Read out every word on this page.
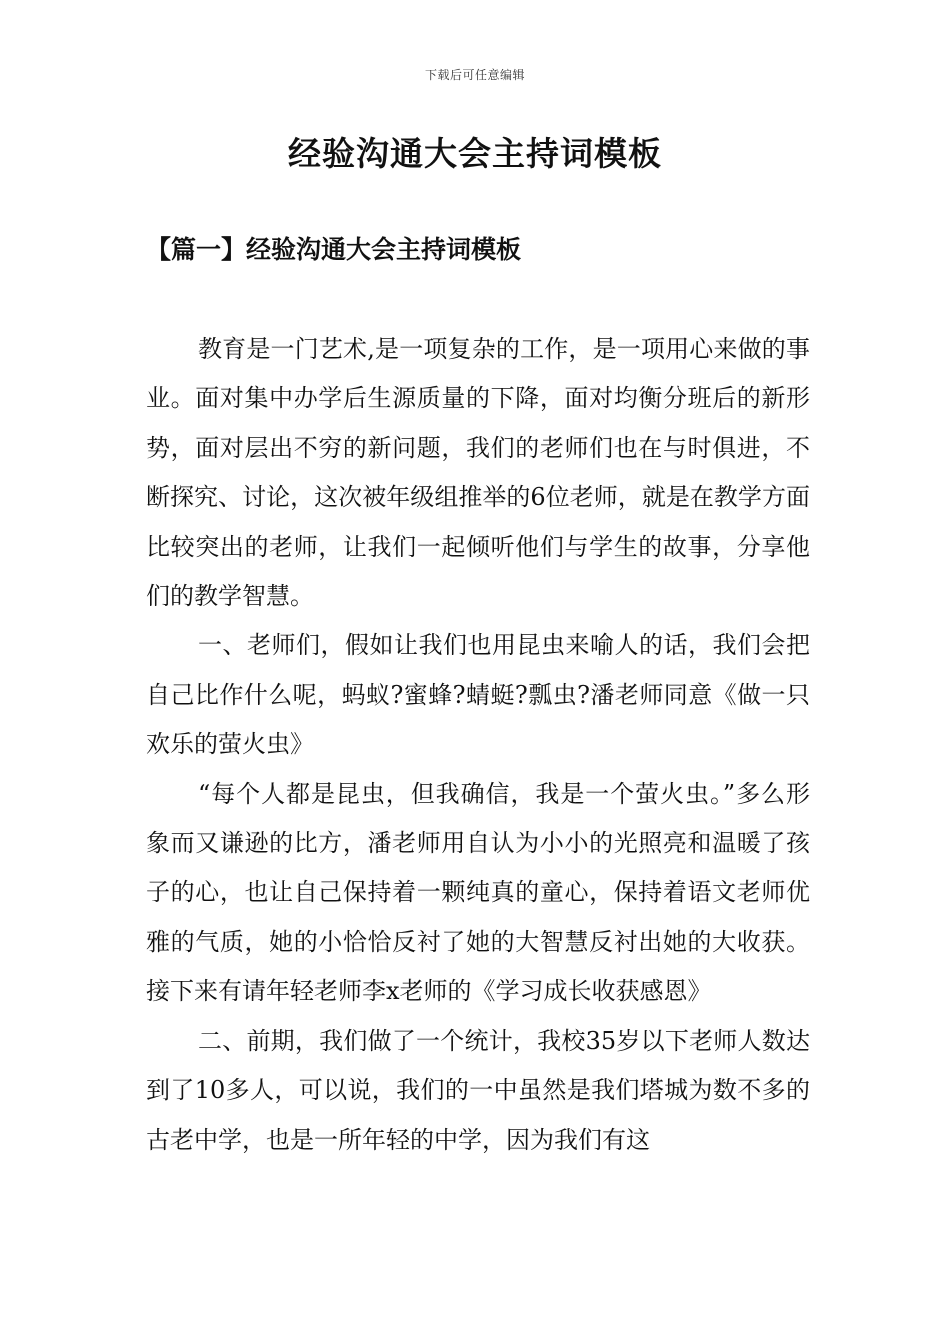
下载后可任意编辑
经验沟通大会主持词模板
【篇一】经验沟通大会主持词模板

教育是一门艺术,是一项复杂的工作，是一项用心来做的事业。面对集中办学后生源质量的下降，面对均衡分班后的新形势，面对层出不穷的新问题，我们的老师们也在与时俱进，不断探究、讨论，这次被年级组推举的6位老师，就是在教学方面比较突出的老师，让我们一起倾听他们与学生的故事，分享他们的教学智慧。

一、老师们，假如让我们也用昆虫来喻人的话，我们会把自己比作什么呢，蚂蚁?蜜蜂?蜻蜓?瓢虫?潘老师同意《做一只欢乐的萤火虫》

“每个人都是昆虫，但我确信，我是一个萤火虫。”多么形象而又谦逊的比方，潘老师用自认为小小的光照亮和温暖了孩子的心，也让自己保持着一颗纯真的童心，保持着语文老师优雅的气质，她的小恰恰反衬了她的大智慧反衬出她的大收获。接下来有请年轻老师李x老师的《学习成长收获感恩》

二、前期，我们做了一个统计，我校35岁以下老师人数达到了10多人，可以说，我们的一中虽然是我们塔城为数不多的古老中学，也是一所年轻的中学，因为我们有这
